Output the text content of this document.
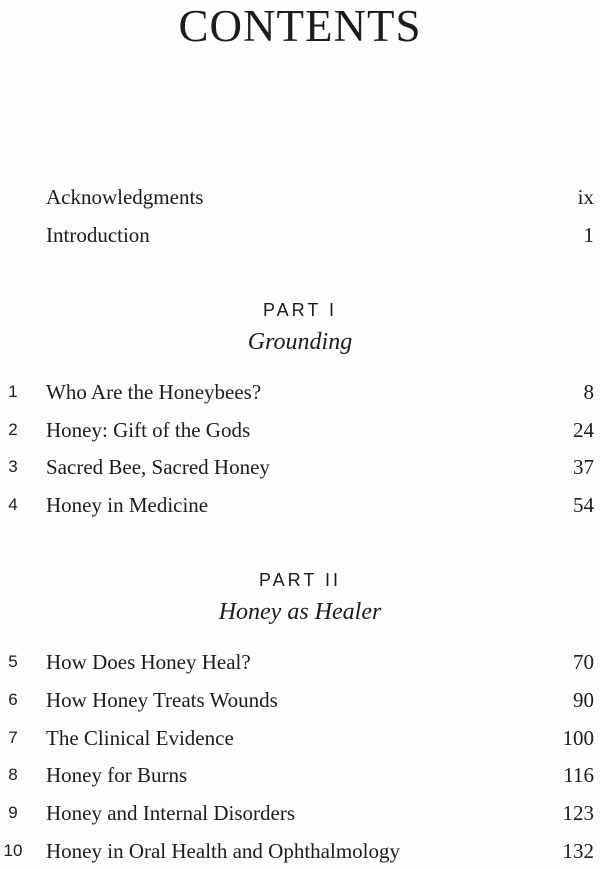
CONTENTS
Acknowledgments	ix
Introduction	1
PART I
Grounding
1	Who Are the Honeybees?	8
2	Honey: Gift of the Gods	24
3	Sacred Bee, Sacred Honey	37
4	Honey in Medicine	54
PART II
Honey as Healer
5	How Does Honey Heal?	70
6	How Honey Treats Wounds	90
7	The Clinical Evidence	100
8	Honey for Burns	116
9	Honey and Internal Disorders	123
10 Honey in Oral Health and Ophthalmology	132
